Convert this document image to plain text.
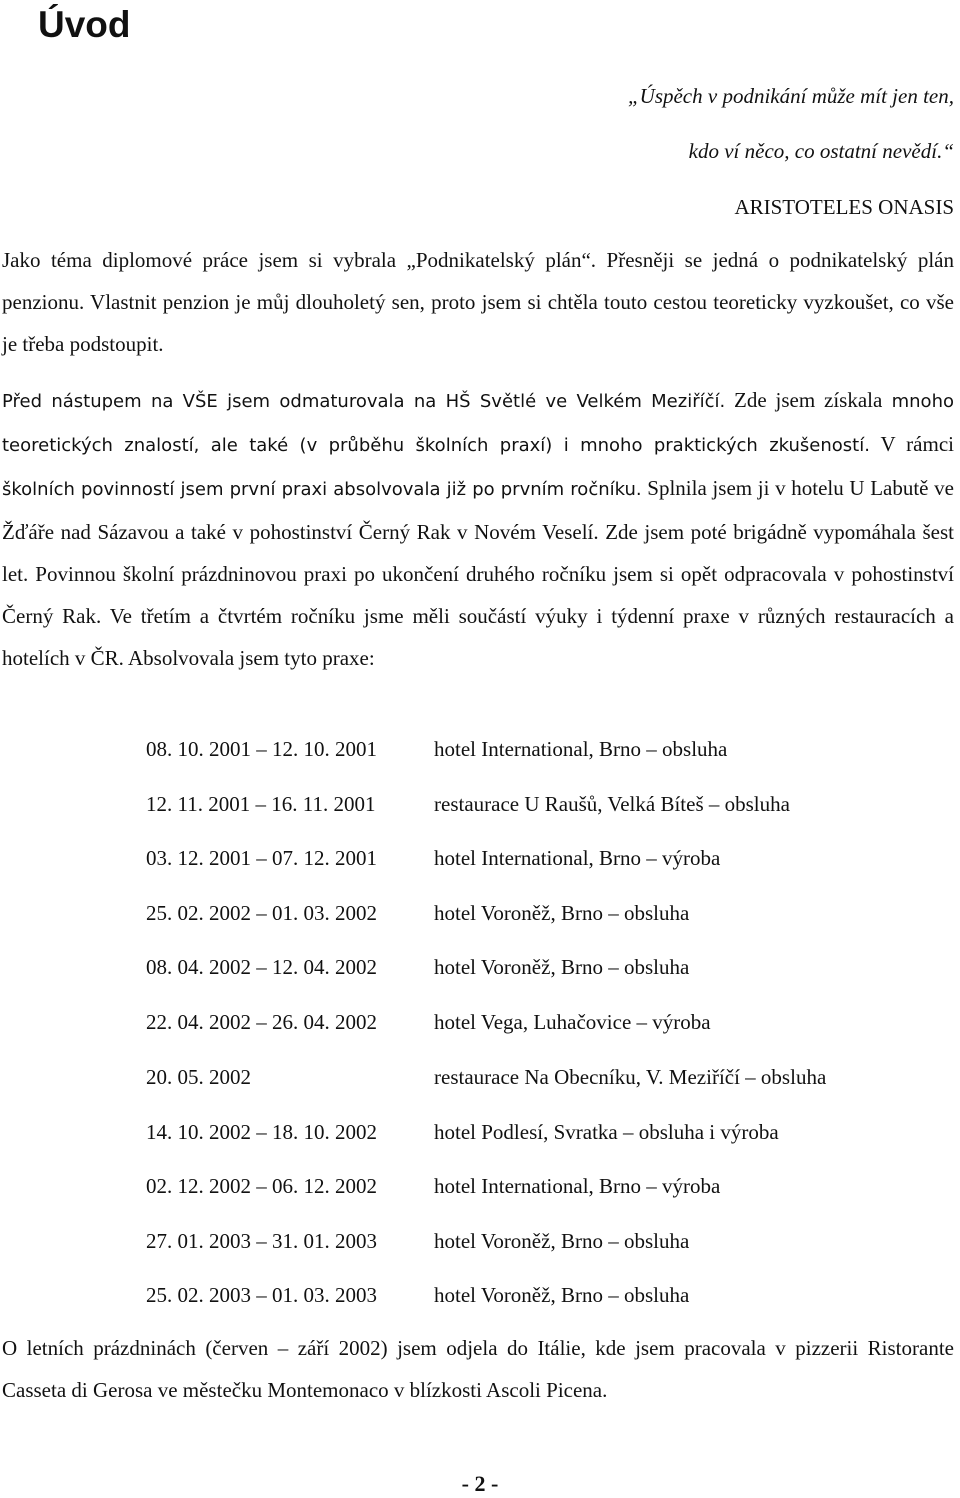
Úvod
„Úspěch v podnikání může mít jen ten,
kdo ví něco, co ostatní nevědí.“
ARISTOTELES ONASIS

Jako téma diplomové práce jsem si vybrala „Podnikatelský plán“. Přesněji se jedná o podnikatelský plán penzionu. Vlastnit penzion je můj dlouholetý sen, proto jsem si chtěla touto cestou teoreticky vyzkoušet, co vše je třeba podstoupit.

Před nástupem na VŠE jsem odmaturovala na HŠ Světlé ve Velkém Meziříčí. Zde jsem získala mnoho teoretických znalostí, ale také (v průběhu školních praxí) i mnoho praktických zkušeností. V rámci školních povinností jsem první praxi absolvovala již po prvním ročníku. Splnila jsem ji v hotelu U Labutě ve Žďáře nad Sázavou a také v pohostinství Černý Rak v Novém Veselí. Zde jsem poté brigádně vypomáhala šest let. Povinnou školní prázdninovou praxi po ukončení druhého ročníku jsem si opět odpracovala v pohostinství Černý Rak. Ve třetím a čtvrtém ročníku jsme měli součástí výuky i týdenní praxe v různých restauracích a hotelích v ČR. Absolvovala jsem tyto praxe:

08. 10. 2001 – 12. 10. 2001	hotel International, Brno – obsluha
12. 11. 2001 – 16. 11. 2001	restaurace U Raušů, Velká Bíteš – obsluha
03. 12. 2001 – 07. 12. 2001	hotel International, Brno – výroba
25. 02. 2002 – 01. 03. 2002	hotel Voroněž, Brno – obsluha
08. 04. 2002 – 12. 04. 2002	hotel Voroněž, Brno – obsluha
22. 04. 2002 – 26. 04. 2002	hotel Vega, Luhačovice – výroba
20. 05. 2002	restaurace Na Obecníku, V. Meziříčí – obsluha
14. 10. 2002 – 18. 10. 2002	hotel Podlesí, Svratka – obsluha i výroba
02. 12. 2002 – 06. 12. 2002	hotel International, Brno – výroba
27. 01. 2003 – 31. 01. 2003	hotel Voroněž, Brno – obsluha
25. 02. 2003 – 01. 03. 2003	hotel Voroněž, Brno – obsluha

O letních prázdninách (červen – září 2002) jsem odjela do Itálie, kde jsem pracovala v pizzerii Ristorante Casseta di Gerosa ve městečku Montemonaco v blízkosti Ascoli Picena.

- 2 -
